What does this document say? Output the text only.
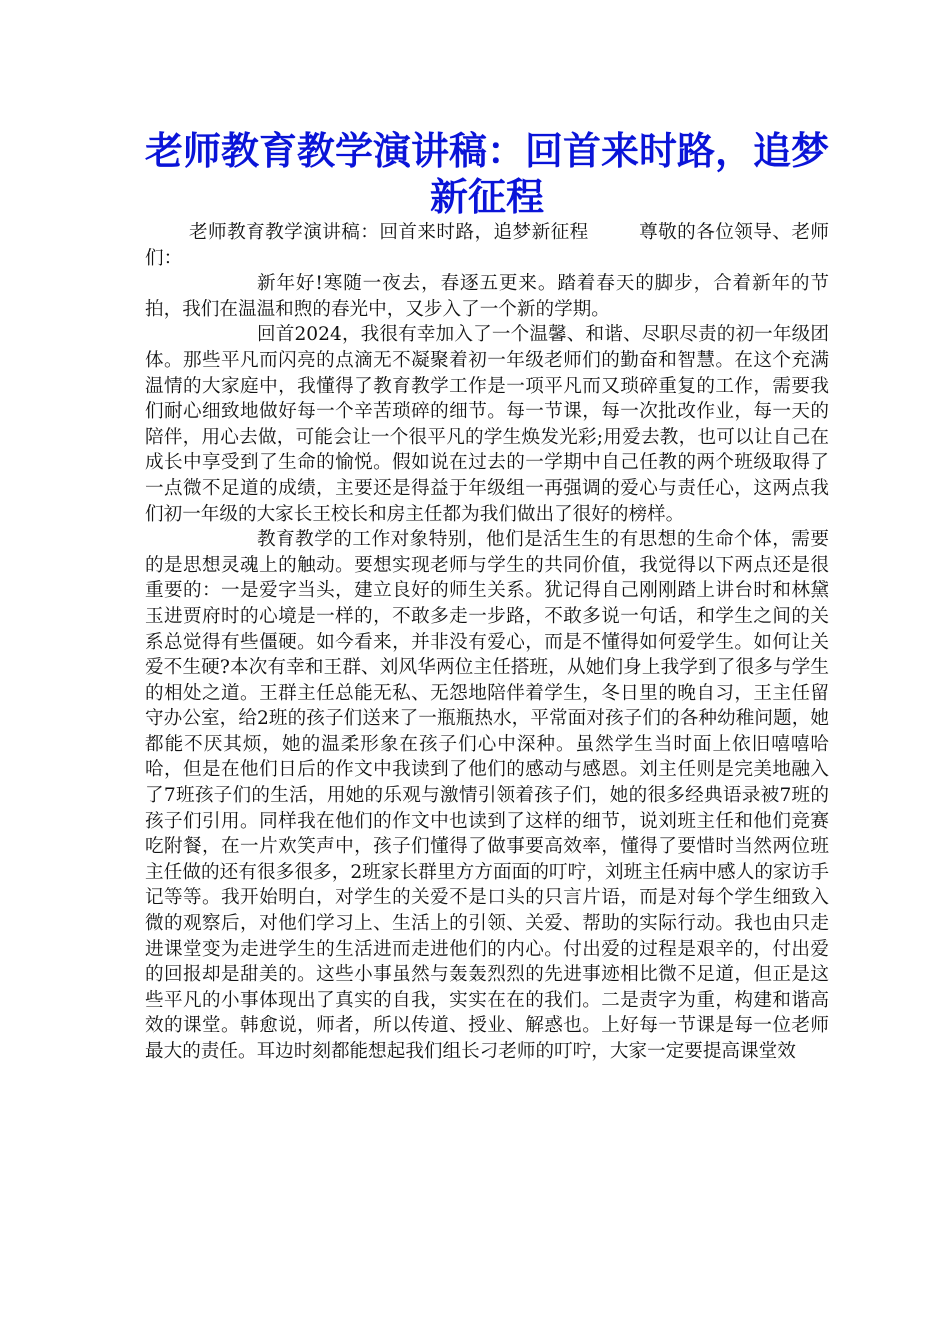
老师教育教学演讲稿：回首来时路，追梦新征程

老师教育教学演讲稿：回首来时路，追梦新征程	尊敬的各位领导、老师们：

新年好!寒随一夜去，春逐五更来。踏着春天的脚步，合着新年的节拍，我们在温温和煦的春光中，又步入了一个新的学期。

回首2024，我很有幸加入了一个温馨、和谐、尽职尽责的初一年级团体。那些平凡而闪亮的点滴无不凝聚着初一年级老师们的勤奋和智慧。在这个充满温情的大家庭中，我懂得了教育教学工作是一项平凡而又琐碎重复的工作，需要我们耐心细致地做好每一个辛苦琐碎的细节。每一节课，每一次批改作业，每一天的陪伴，用心去做，可能会让一个很平凡的学生焕发光彩;用爱去教，也可以让自己在成长中享受到了生命的愉悦。假如说在过去的一学期中自己任教的两个班级取得了一点微不足道的成绩，主要还是得益于年级组一再强调的爱心与责任心，这两点我们初一年级的大家长王校长和房主任都为我们做出了很好的榜样。

教育教学的工作对象特别，他们是活生生的有思想的生命个体，需要的是思想灵魂上的触动。要想实现老师与学生的共同价值，我觉得以下两点还是很重要的：一是爱字当头，建立良好的师生关系。犹记得自己刚刚踏上讲台时和林黛玉进贾府时的心境是一样的，不敢多走一步路，不敢多说一句话，和学生之间的关系总觉得有些僵硬。如今看来，并非没有爱心，而是不懂得如何爱学生。如何让关爱不生硬?本次有幸和王群、刘风华两位主任搭班，从她们身上我学到了很多与学生的相处之道。王群主任总能无私、无怨地陪伴着学生，冬日里的晚自习，王主任留守办公室，给2班的孩子们送来了一瓶瓶热水，平常面对孩子们的各种幼稚问题，她都能不厌其烦，她的温柔形象在孩子们心中深种。虽然学生当时面上依旧嘻嘻哈哈，但是在他们日后的作文中我读到了他们的感动与感恩。刘主任则是完美地融入了7班孩子们的生活，用她的乐观与激情引领着孩子们，她的很多经典语录被7班的孩子们引用。同样我在他们的作文中也读到了这样的细节，说刘班主任和他们竞赛吃附餐，在一片欢笑声中，孩子们懂得了做事要高效率，懂得了要惜时当然两位班主任做的还有很多很多，2班家长群里方方面面的叮咛，刘班主任病中感人的家访手记等等。我开始明白，对学生的关爱不是口头的只言片语，而是对每个学生细致入微的观察后，对他们学习上、生活上的引领、关爱、帮助的实际行动。我也由只走进课堂变为走进学生的生活进而走进他们的内心。付出爱的过程是艰辛的，付出爱的回报却是甜美的。这些小事虽然与轰轰烈烈的先进事迹相比微不足道，但正是这些平凡的小事体现出了真实的自我，实实在在的我们。二是责字为重，构建和谐高效的课堂。韩愈说，师者，所以传道、授业、解惑也。上好每一节课是每一位老师最大的责任。耳边时刻都能想起我们组长刁老师的叮咛，大家一定要提高课堂效
